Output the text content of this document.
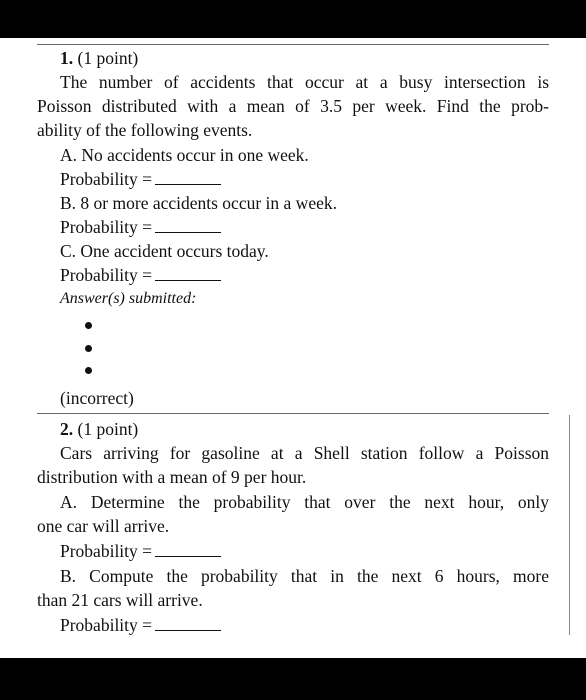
1. (1 point)
The number of accidents that occur at a busy intersection is
Poisson distributed with a mean of 3.5 per week. Find the prob-
ability of the following events.
A. No accidents occur in one week.
Probability =
B. 8 or more accidents occur in a week.
Probability =
C. One accident occurs today.
Probability =
Answer(s) submitted:
(incorrect)
2. (1 point)
Cars arriving for gasoline at a Shell station follow a Poisson
distribution with a mean of 9 per hour.
A. Determine the probability that over the next hour, only
one car will arrive.
Probability =
B. Compute the probability that in the next 6 hours, more
than 21 cars will arrive.
Probability =
